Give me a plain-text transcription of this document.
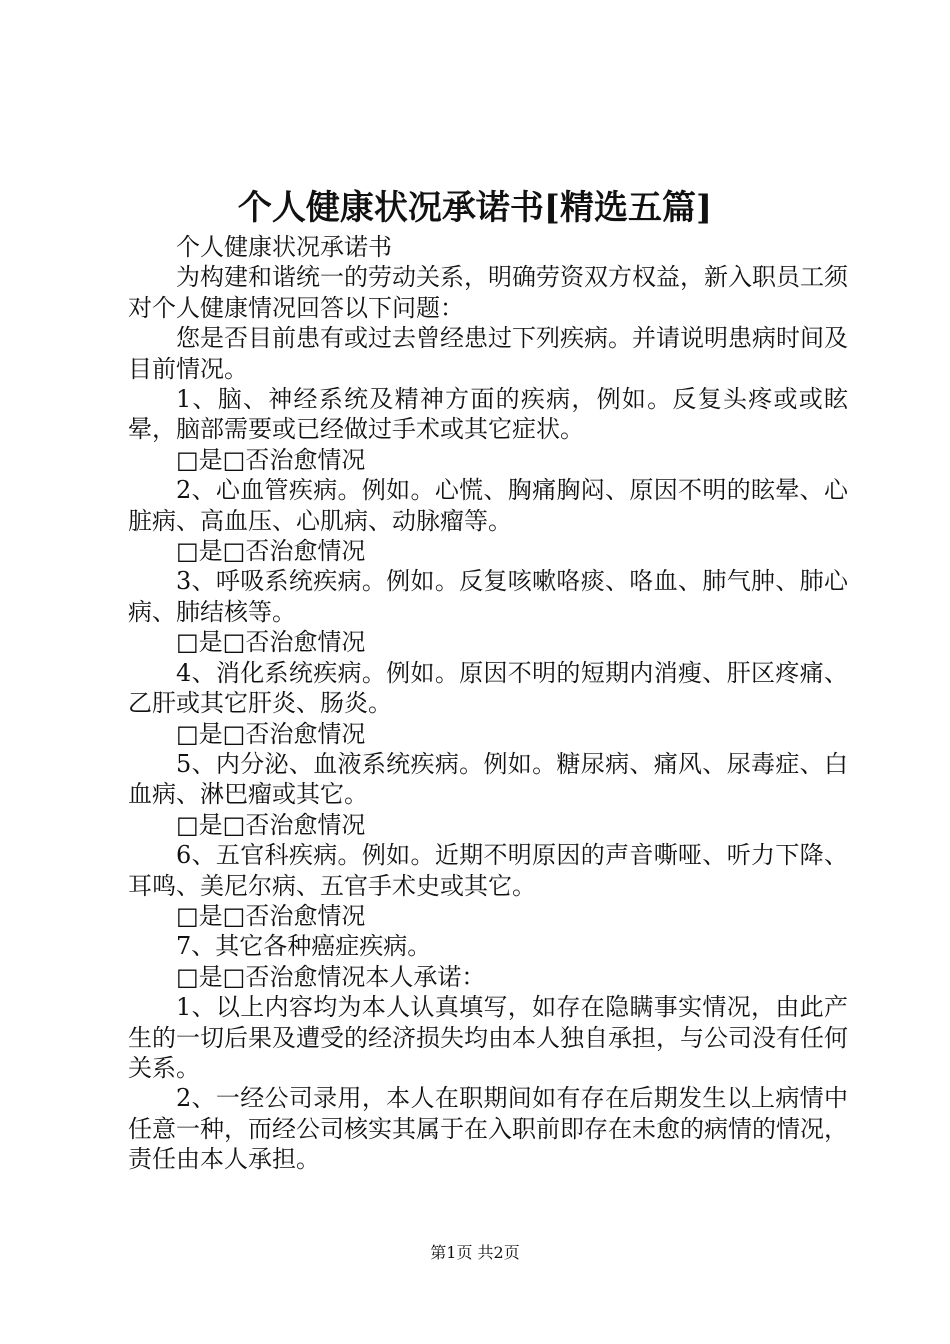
个人健康状况承诺书[精选五篇]

个人健康状况承诺书

为构建和谐统一的劳动关系，明确劳资双方权益，新入职员工须对个人健康情况回答以下问题：

您是否目前患有或过去曾经患过下列疾病。并请说明患病时间及目前情况。

1、脑、神经系统及精神方面的疾病，例如。反复头疼或或眩晕，脑部需要或已经做过手术或其它症状。

□是□否治愈情况

2、心血管疾病。例如。心慌、胸痛胸闷、原因不明的眩晕、心脏病、高血压、心肌病、动脉瘤等。

□是□否治愈情况

3、呼吸系统疾病。例如。反复咳嗽咯痰、咯血、肺气肿、肺心病、肺结核等。

□是□否治愈情况

4、消化系统疾病。例如。原因不明的短期内消瘦、肝区疼痛、乙肝或其它肝炎、肠炎。

□是□否治愈情况

5、内分泌、血液系统疾病。例如。糖尿病、痛风、尿毒症、白血病、淋巴瘤或其它。

□是□否治愈情况

6、五官科疾病。例如。近期不明原因的声音嘶哑、听力下降、耳鸣、美尼尔病、五官手术史或其它。

□是□否治愈情况

7、其它各种癌症疾病。

□是□否治愈情况本人承诺：

1、以上内容均为本人认真填写，如存在隐瞒事实情况，由此产生的一切后果及遭受的经济损失均由本人独自承担，与公司没有任何关系。

2、一经公司录用，本人在职期间如有存在后期发生以上病情中任意一种，而经公司核实其属于在入职前即存在未愈的病情的情况，责任由本人承担。

第1页 共2页
